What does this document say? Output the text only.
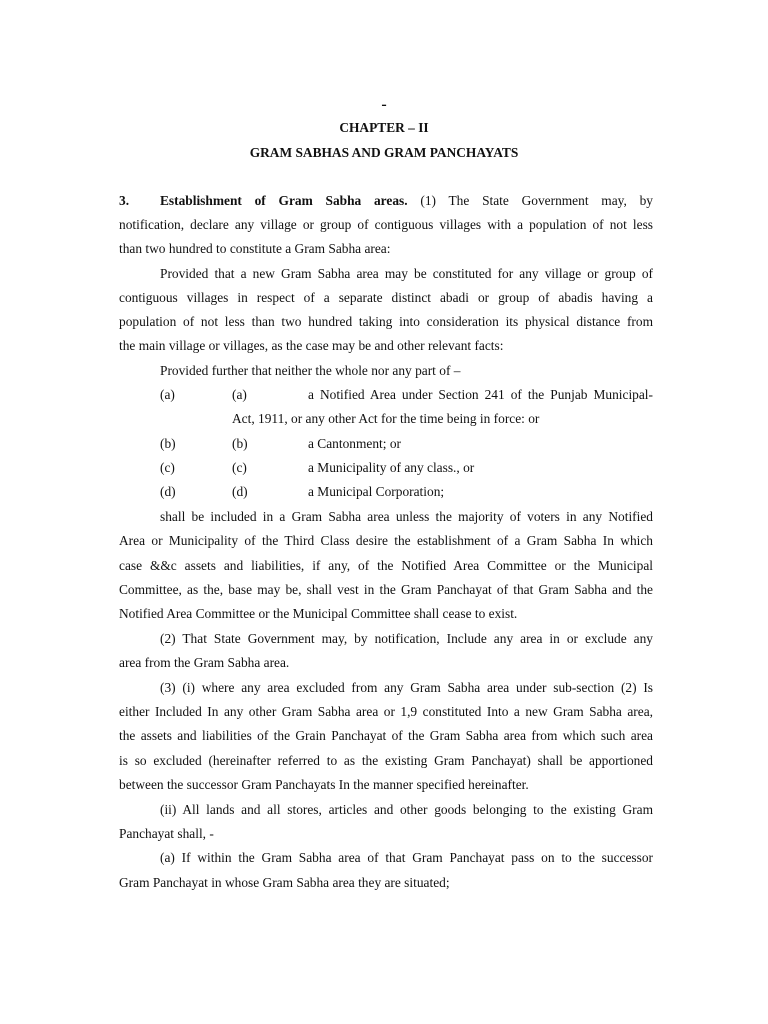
-
CHAPTER – II
GRAM SABHAS AND GRAM PANCHAYATS
3. Establishment of Gram Sabha areas. (1) The State Government may, by
notification, declare any village or group of contiguous villages with a population of not less
than two hundred to constitute a Gram Sabha area:
Provided that a new Gram Sabha area may be constituted for any village or group of
contiguous villages in respect of a separate distinct abadi or group of abadis having a
population of not less than two hundred taking into consideration its physical distance from
the main village or villages, as the case may be and other relevant facts:
Provided further that neither the whole nor any part of –
(a)	(a)	a Notified Area under Section 241 of the Punjab Municipal-
Act, 1911, or any other Act for the time being in force: or
(b)	(b)	a Cantonment; or
(c)	(c)	a Municipality of any class., or
(d)	(d)	a Municipal Corporation;
shall be included in a Gram Sabha area unless the majority of voters in any Notified
Area or Municipality of the Third Class desire the establishment of a Gram Sabha In which
case &&c assets and liabilities, if any, of the Notified Area Committee or the Municipal
Committee, as the, base may be, shall vest in the Gram Panchayat of that Gram Sabha and the
Notified Area Committee or the Municipal Committee shall cease to exist.
(2) That State Government may, by notification, Include any area in or exclude any
area from the Gram Sabha area.
(3) (i) where any area excluded from any Gram Sabha area under sub-section (2) Is
either Included In any other Gram Sabha area or 1,9 constituted Into a new Gram Sabha area,
the assets and liabilities of the Grain Panchayat of the Gram Sabha area from which such area
is so excluded (hereinafter referred to as the existing Gram Panchayat) shall be apportioned
between the successor Gram Panchayats In the manner specified hereinafter.
(ii) All lands and all stores, articles and other goods belonging to the existing Gram
Panchayat shall, -
(a) If within the Gram Sabha area of that Gram Panchayat pass on to the successor
Gram Panchayat in whose Gram Sabha area they are situated;
